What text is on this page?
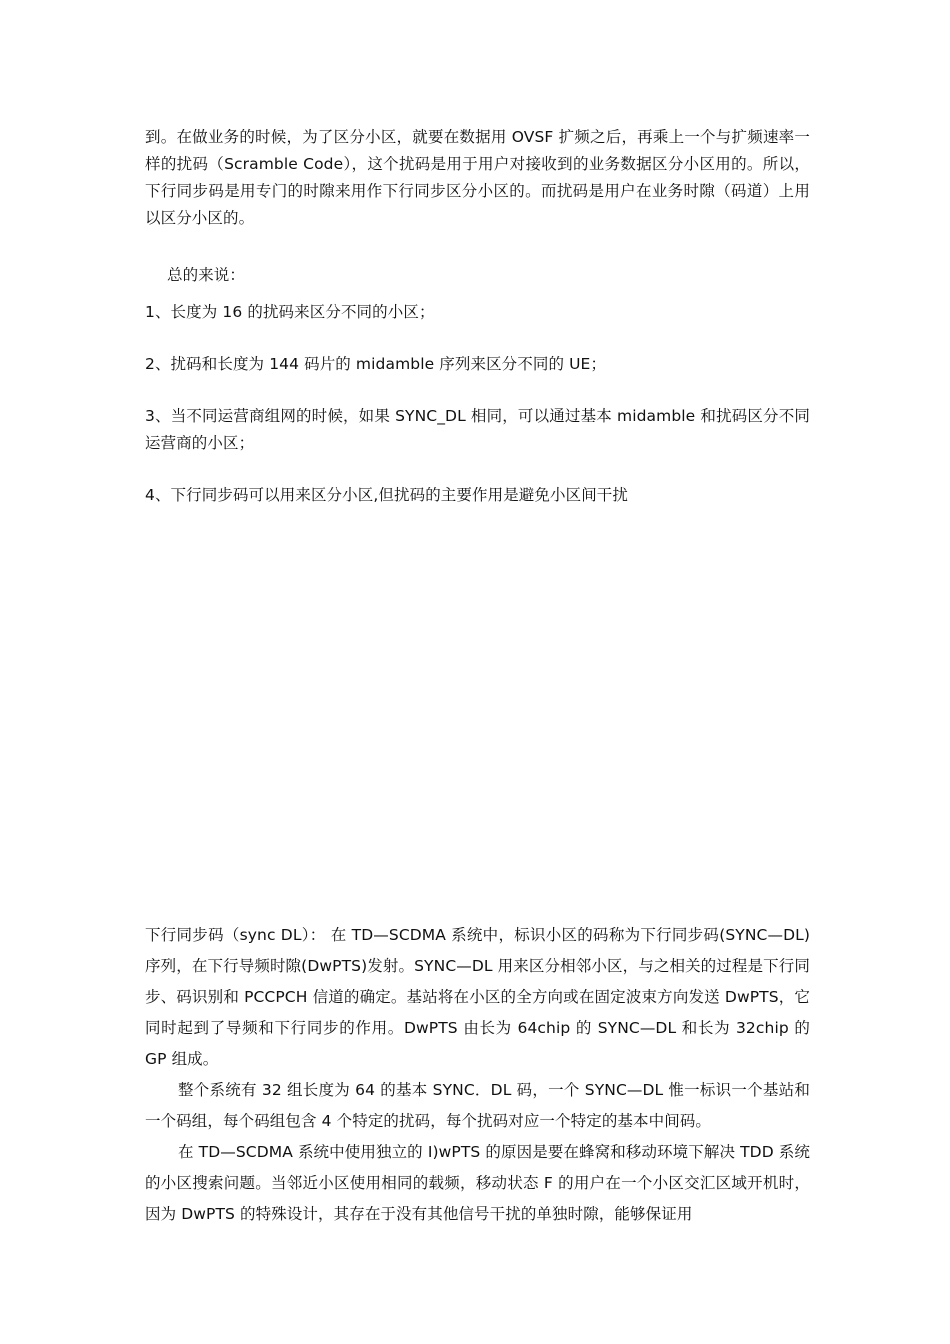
到。在做业务的时候，为了区分小区，就要在数据用 OVSF 扩频之后，再乘上一个与扩频速率一样的扰码（Scramble Code），这个扰码是用于用户对接收到的业务数据区分小区用的。所以，下行同步码是用专门的时隙来用作下行同步区分小区的。而扰码是用户在业务时隙（码道）上用以区分小区的。

总的来说：

1、长度为 16 的扰码来区分不同的小区；

2、扰码和长度为 144 码片的 midamble 序列来区分不同的 UE；

3、当不同运营商组网的时候，如果 SYNC_DL 相同，可以通过基本 midamble 和扰码区分不同运营商的小区；

4、下行同步码可以用来区分小区,但扰码的主要作用是避免小区间干扰

下行同步码（sync DL）： 在 TD—SCDMA 系统中，标识小区的码称为下行同步码(SYNC—DL)序列，在下行导频时隙(DwPTS)发射。SYNC—DL 用来区分相邻小区，与之相关的过程是下行同步、码识别和 PCCPCH 信道的确定。基站将在小区的全方向或在固定波束方向发送 DwPTS，它同时起到了导频和下行同步的作用。DwPTS 由长为 64chip 的 SYNC—DL 和长为 32chip 的 GP 组成。

整个系统有 32 组长度为 64 的基本 SYNC．DL 码，一个 SYNC—DL 惟一标识一个基站和一个码组，每个码组包含 4 个特定的扰码，每个扰码对应一个特定的基本中间码。

在 TD—SCDMA 系统中使用独立的 I)wPTS 的原因是要在蜂窝和移动环境下解决 TDD 系统的小区搜索问题。当邻近小区使用相同的载频，移动状态 F 的用户在一个小区交汇区域开机时，因为 DwPTS 的特殊设计，其存在于没有其他信号干扰的单独时隙，能够保证用
